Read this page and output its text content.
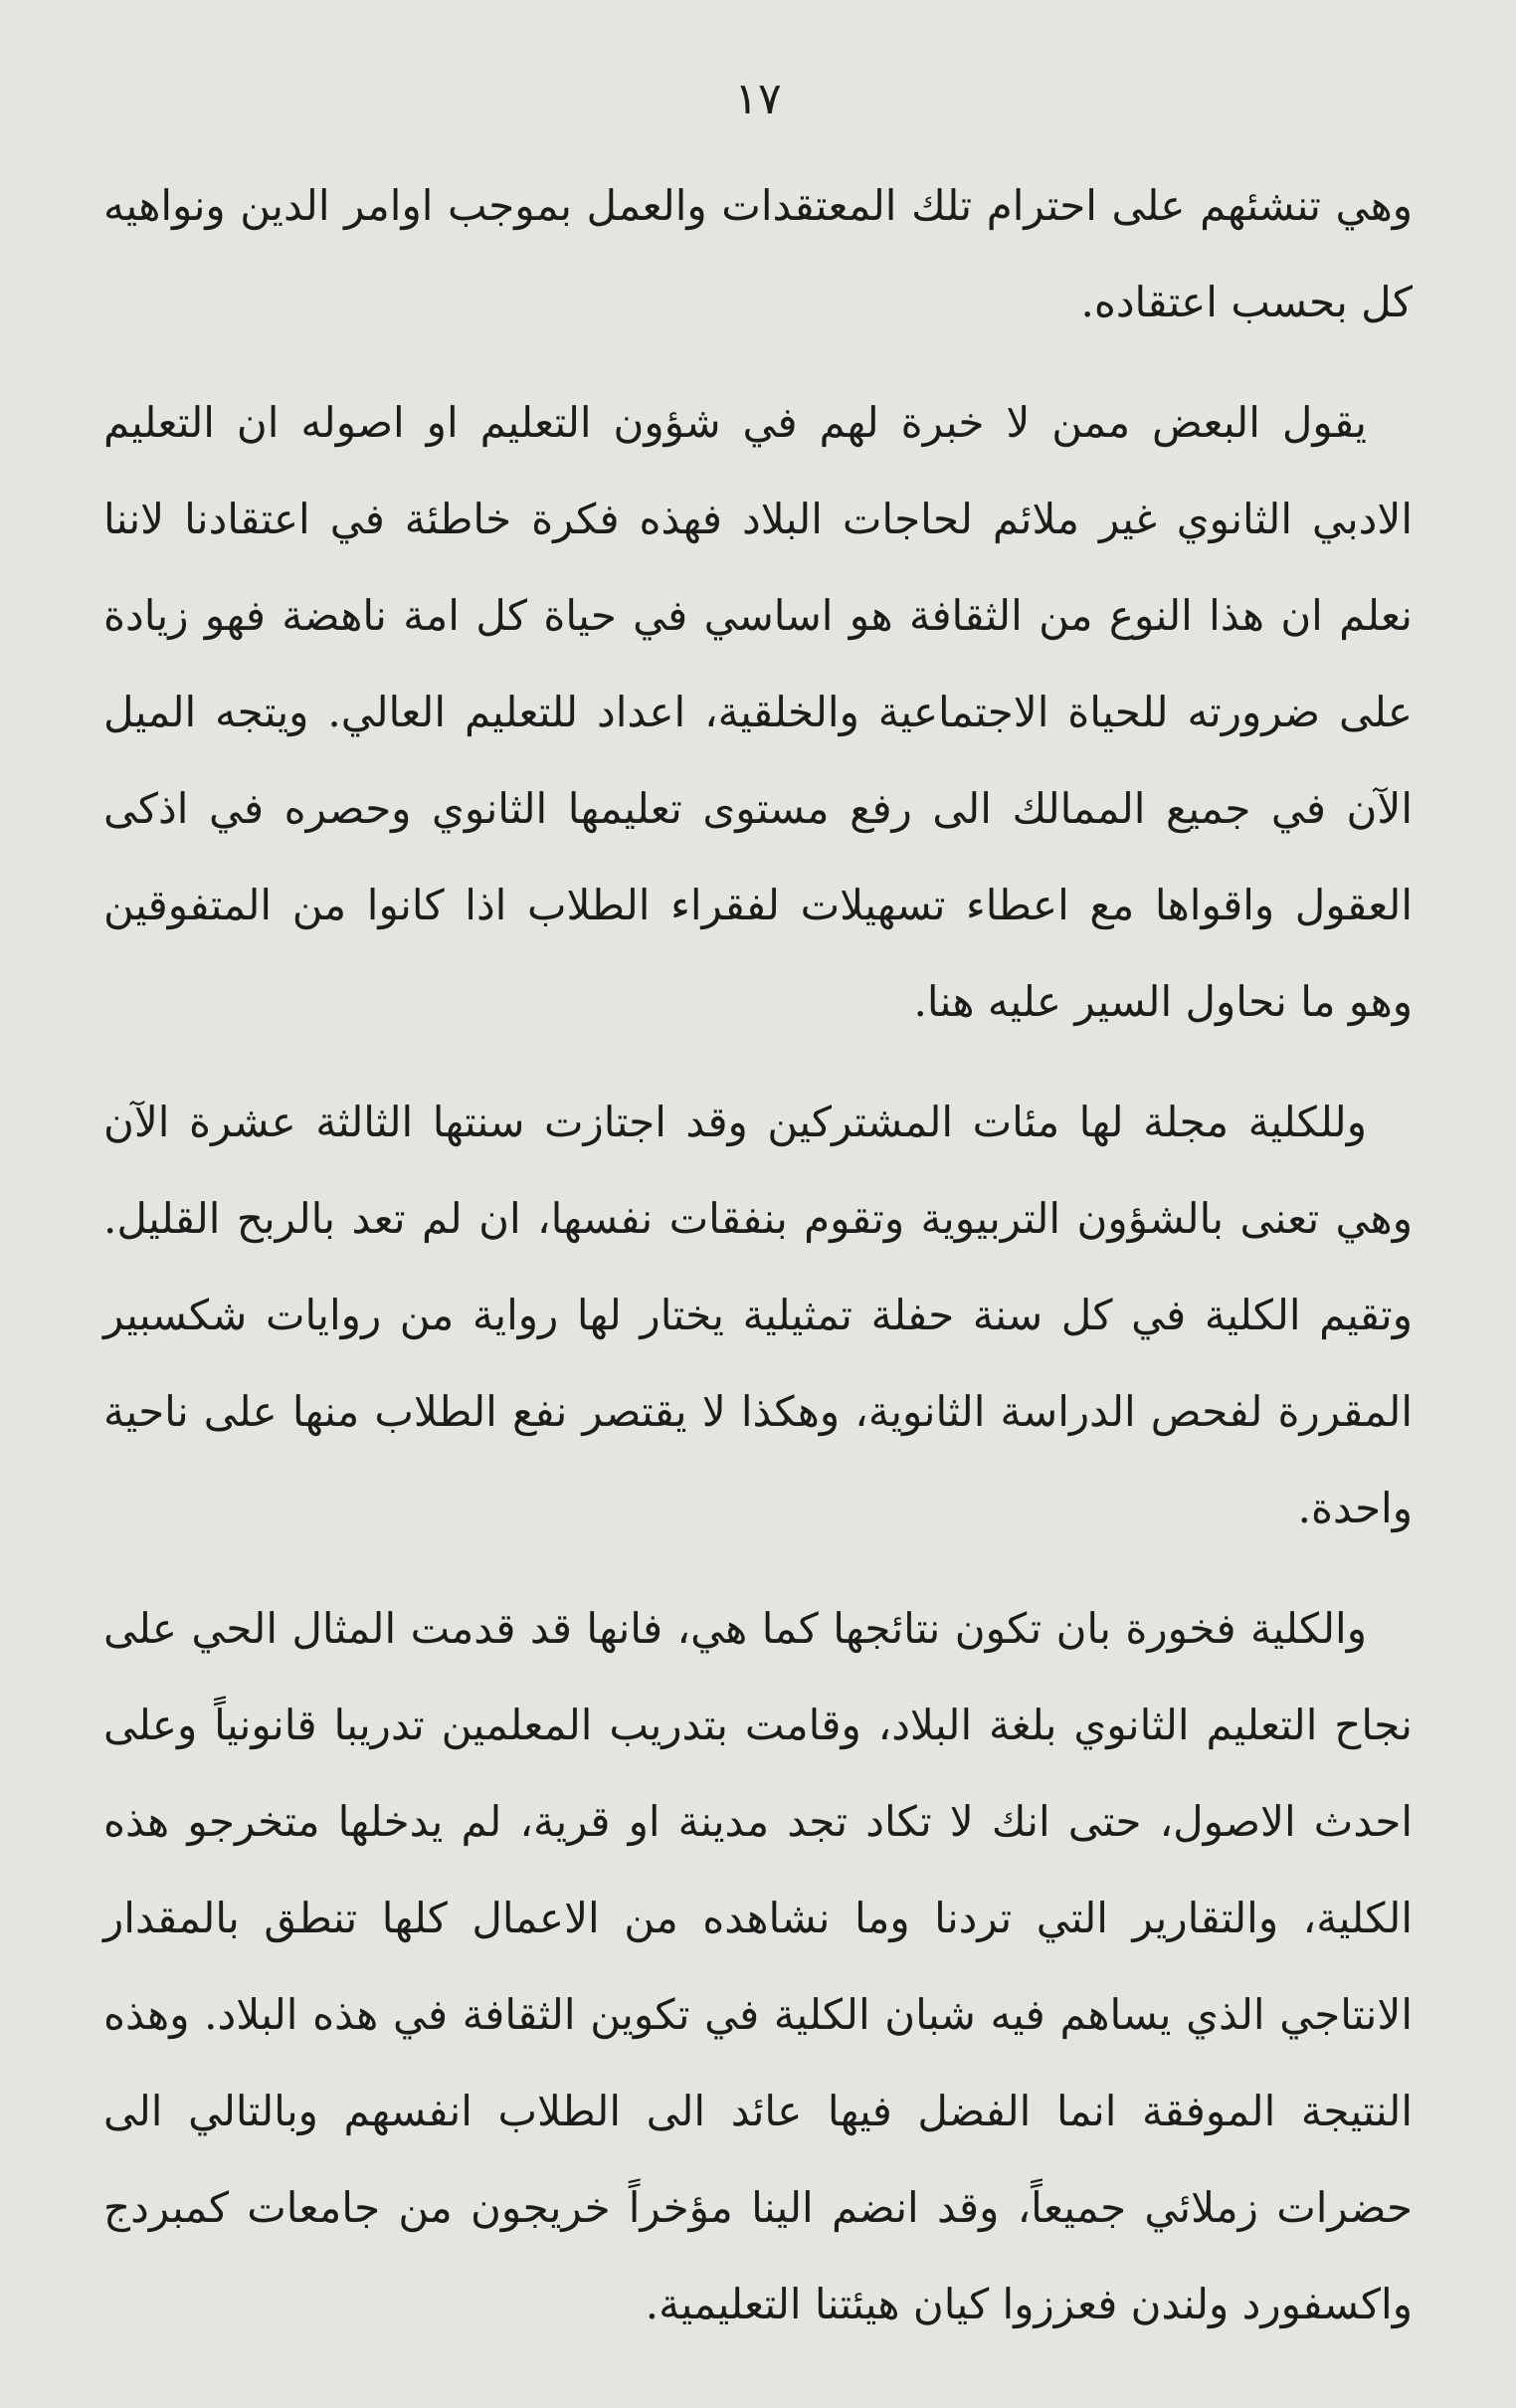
١٧

وهي تنشئهم على احترام تلك المعتقدات والعمل بموجب اوامر الدين ونواهيه كل بحسب اعتقاده.

يقول البعض ممن لا خبرة لهم في شؤون التعليم او اصوله ان التعليم الادبي الثانوي غير ملائم لحاجات البلاد فهذه فكرة خاطئة في اعتقادنا لاننا نعلم ان هذا النوع من الثقافة هو اساسي في حياة كل امة ناهضة فهو زيادة على ضرورته للحياة الاجتماعية والخلقية، اعداد للتعليم العالي. ويتجه الميل الآن في جميع الممالك الى رفع مستوى تعليمها الثانوي وحصره في اذكى العقول واقواها مع اعطاء تسهيلات لفقراء الطلاب اذا كانوا من المتفوقين وهو ما نحاول السير عليه هنا.

وللكلية مجلة لها مئات المشتركين وقد اجتازت سنتها الثالثة عشرة الآن وهي تعنى بالشؤون التربيوية وتقوم بنفقات نفسها، ان لم تعد بالربح القليل. وتقيم الكلية في كل سنة حفلة تمثيلية يختار لها رواية من روايات شكسبير المقررة لفحص الدراسة الثانوية، وهكذا لا يقتصر نفع الطلاب منها على ناحية واحدة.

والكلية فخورة بان تكون نتائجها كما هي، فانها قد قدمت المثال الحي على نجاح التعليم الثانوي بلغة البلاد، وقامت بتدريب المعلمين تدريبا قانونياً وعلى احدث الاصول، حتى انك لا تكاد تجد مدينة او قرية، لم يدخلها متخرجو هذه الكلية، والتقارير التي تردنا وما نشاهده من الاعمال كلها تنطق بالمقدار الانتاجي الذي يساهم فيه شبان الكلية في تكوين الثقافة في هذه البلاد. وهذه النتيجة الموفقة انما الفضل فيها عائد الى الطلاب انفسهم وبالتالي الى حضرات زملائي جميعاً، وقد انضم الينا مؤخراً خريجون من جامعات كمبردج واكسفورد ولندن فعززوا كيان هيئتنا التعليمية.
